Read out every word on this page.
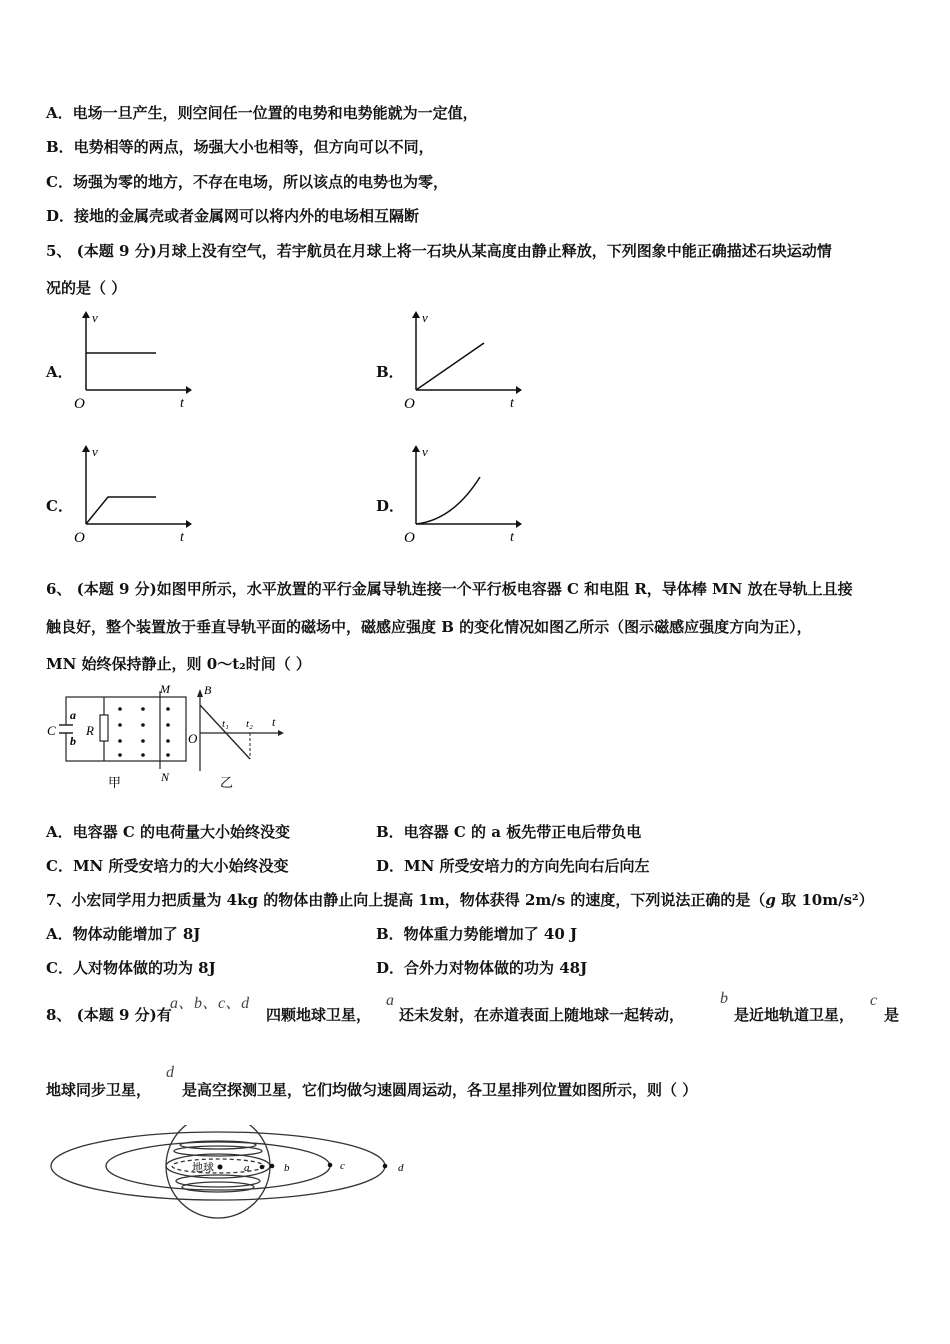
A．电场一旦产生，则空间任一位置的电势和电势能就为一定值，
B．电势相等的两点，场强大小也相等，但方向可以不同，
C．场强为零的地方，不存在电场，所以该点的电势也为零，
D．接地的金属壳或者金属网可以将内外的电场相互隔断
5、 (本题 9 分)月球上没有空气，若宇航员在月球上将一石块从某高度由静止释放，下列图象中能正确描述石块运动情
况的是（ ）
A．	B．
C．	D．
v
t
O
v
t
O
v
t
O
v
t
O
6、 (本题 9 分)如图甲所示，水平放置的平行金属导轨连接一个平行板电容器 C 和电阻 R，导体棒 MN 放在导轨上且接
触良好，整个装置放于垂直导轨平面的磁场中，磁感应强度 B 的变化情况如图乙所示（图示磁感应强度方向为正），
MN 始终保持静止，则 0～t₂时间（ ）
a
b
C R
M
N
甲
B
O
t₁ t₂ t
乙
A．电容器 C 的电荷量大小始终没变	B．电容器 C 的 a 板先带正电后带负电
C．MN 所受安培力的大小始终没变	D．MN 所受安培力的方向先向右后向左
7、小宏同学用力把质量为 4kg 的物体由静止向上提高 1m，物体获得 2m/s 的速度，下列说法正确的是（g 取 10m/s²）
A．物体动能增加了 8J	B．物体重力势能增加了 40 J
C．人对物体做的功为 8J	D．合外力对物体做的功为 48J
8、 (本题 9 分)有
a、b、c、d
四颗地球卫星，
a
还未发射，在赤道表面上随地球一起转动，
b
是近地轨道卫星，
c
是
地球同步卫星，
d
是高空探测卫星，它们均做匀速圆周运动，各卫星排列位置如图所示，则（ ）
地球	a	b	c	d
